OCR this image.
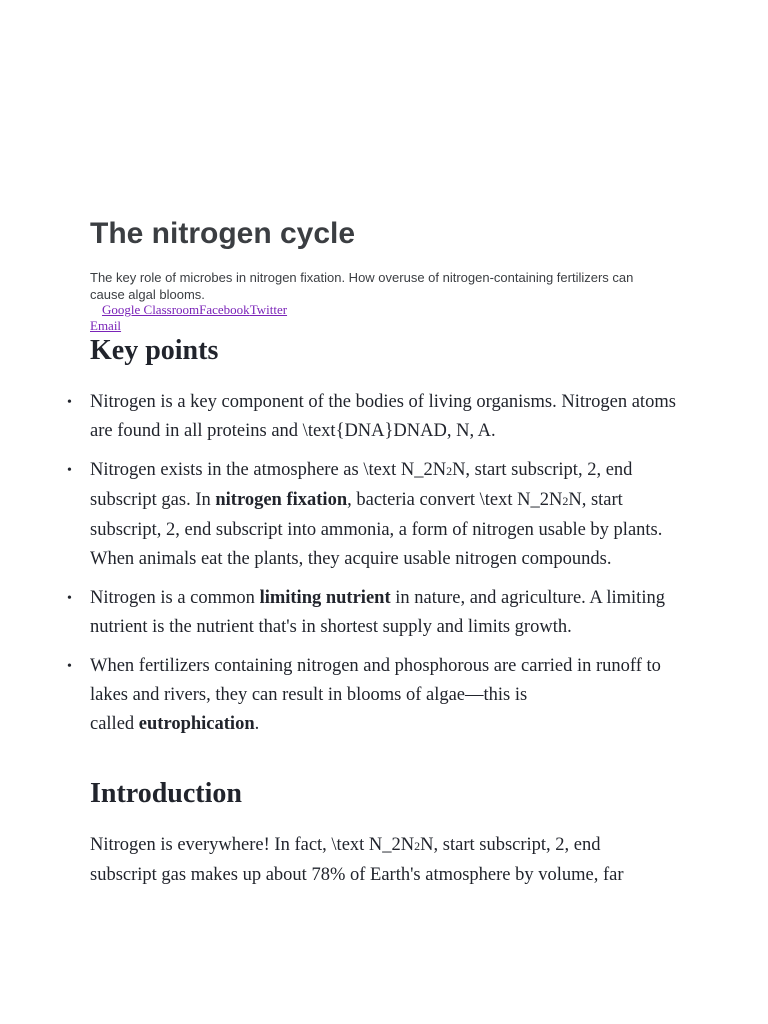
The nitrogen cycle

The key role of microbes in nitrogen fixation. How overuse of nitrogen-containing fertilizers can cause algal blooms.

Google ClassroomFacebookTwitter
Email
Key points
• Nitrogen is a key component of the bodies of living organisms. Nitrogen atoms are found in all proteins and \text{DNA}DNAD, N, A.
• Nitrogen exists in the atmosphere as \text N_2N2N, start subscript, 2, end subscript gas. In nitrogen fixation, bacteria convert \text N_2N2N, start subscript, 2, end subscript into ammonia, a form of nitrogen usable by plants. When animals eat the plants, they acquire usable nitrogen compounds.
• Nitrogen is a common limiting nutrient in nature, and agriculture. A limiting nutrient is the nutrient that's in shortest supply and limits growth.
• When fertilizers containing nitrogen and phosphorous are carried in runoff to lakes and rivers, they can result in blooms of algae—this is
called eutrophication.
Introduction

Nitrogen is everywhere! In fact, \text N_2N2N, start subscript, 2, end subscript gas makes up about 78% of Earth's atmosphere by volume, far
